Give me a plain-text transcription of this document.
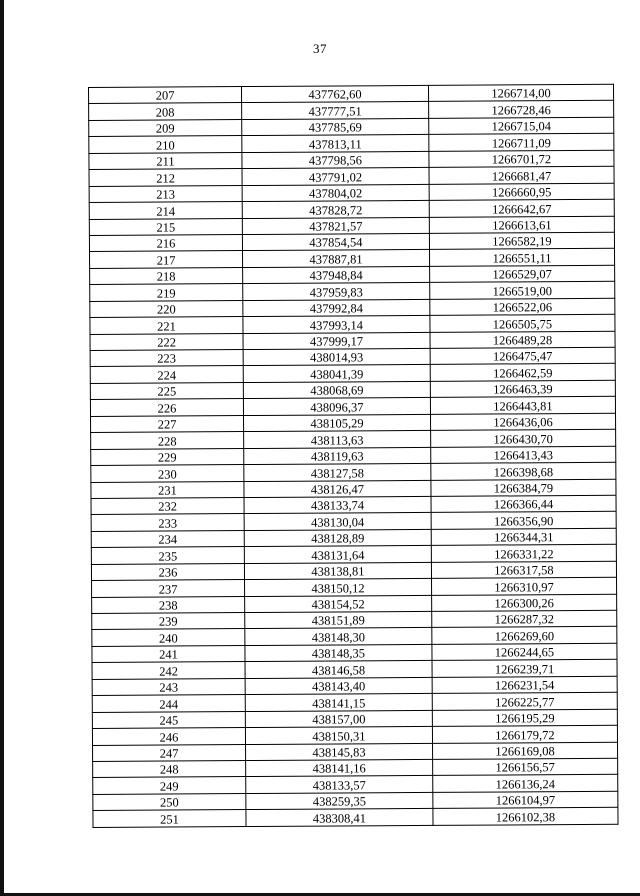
37
207	437762,60	1266714,00
208	437777,51	1266728,46
209	437785,69	1266715,04
210	437813,11	1266711,09
211	437798,56	1266701,72
212	437791,02	1266681,47
213	437804,02	1266660,95
214	437828,72	1266642,67
215	437821,57	1266613,61
216	437854,54	1266582,19
217	437887,81	1266551,11
218	437948,84	1266529,07
219	437959,83	1266519,00
220	437992,84	1266522,06
221	437993,14	1266505,75
222	437999,17	1266489,28
223	438014,93	1266475,47
224	438041,39	1266462,59
225	438068,69	1266463,39
226	438096,37	1266443,81
227	438105,29	1266436,06
228	438113,63	1266430,70
229	438119,63	1266413,43
230	438127,58	1266398,68
231	438126,47	1266384,79
232	438133,74	1266366,44
233	438130,04	1266356,90
234	438128,89	1266344,31
235	438131,64	1266331,22
236	438138,81	1266317,58
237	438150,12	1266310,97
238	438154,52	1266300,26
239	438151,89	1266287,32
240	438148,30	1266269,60
241	438148,35	1266244,65
242	438146,58	1266239,71
243	438143,40	1266231,54
244	438141,15	1266225,77
245	438157,00	1266195,29
246	438150,31	1266179,72
247	438145,83	1266169,08
248	438141,16	1266156,57
249	438133,57	1266136,24
250	438259,35	1266104,97
251	438308,41	1266102,38
